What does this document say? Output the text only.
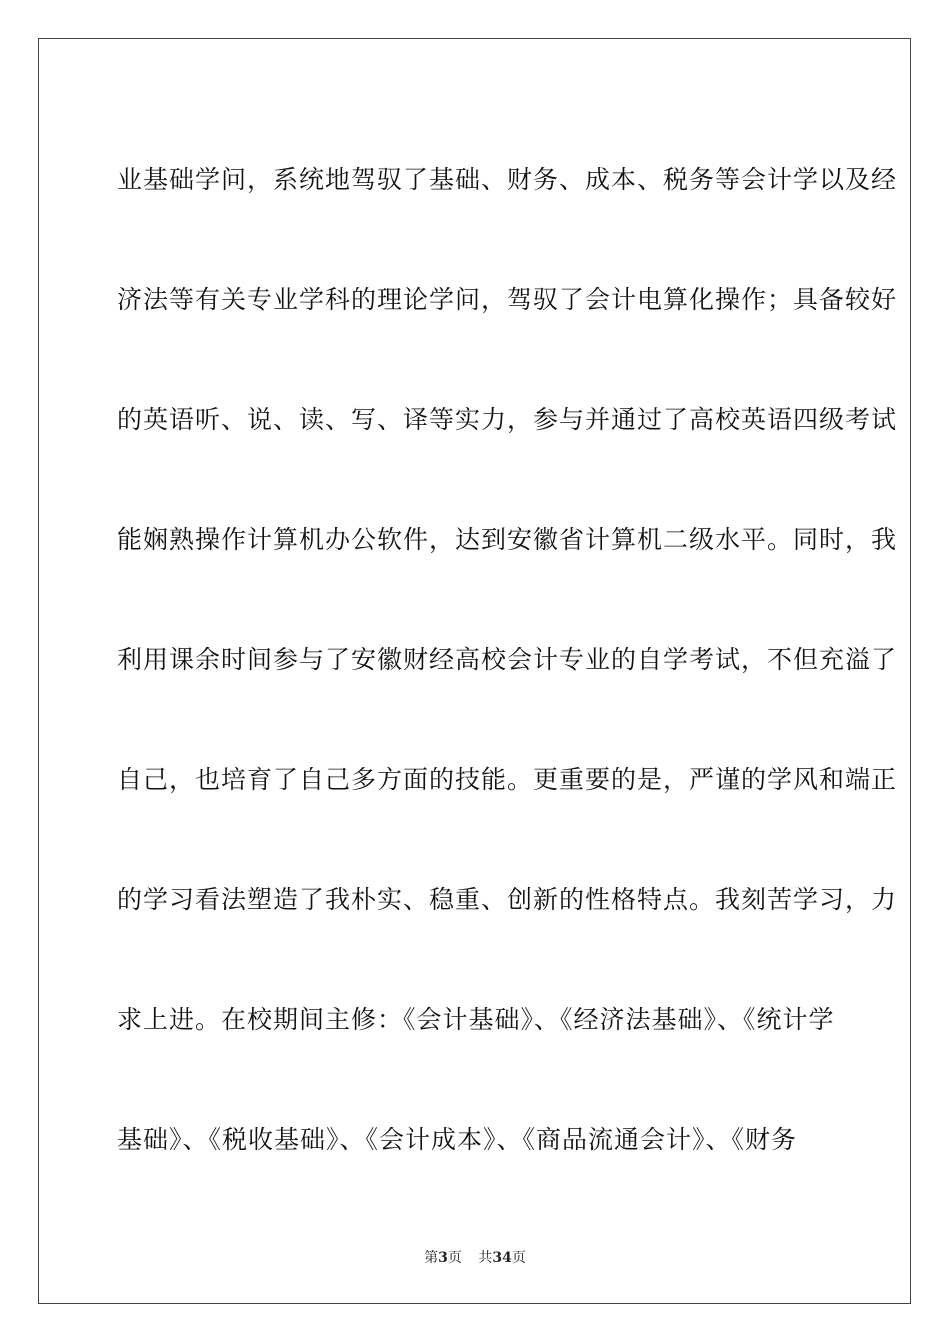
业基础学问，系统地驾驭了基础、财务、成本、税务等会计学以及经
济法等有关专业学科的理论学问，驾驭了会计电算化操作；具备较好
的英语听、说、读、写、译等实力，参与并通过了高校英语四级考试
能娴熟操作计算机办公软件，达到安徽省计算机二级水平。同时，我
利用课余时间参与了安徽财经高校会计专业的自学考试，不但充溢了
自己，也培育了自己多方面的技能。更重要的是，严谨的学风和端正
的学习看法塑造了我朴实、稳重、创新的性格特点。我刻苦学习，力
求上进。在校期间主修：《会计基础》、《经济法基础》、《统计学
基础》、《税收基础》、《会计成本》、《商品流通会计》、《财务
第3页 共34页
